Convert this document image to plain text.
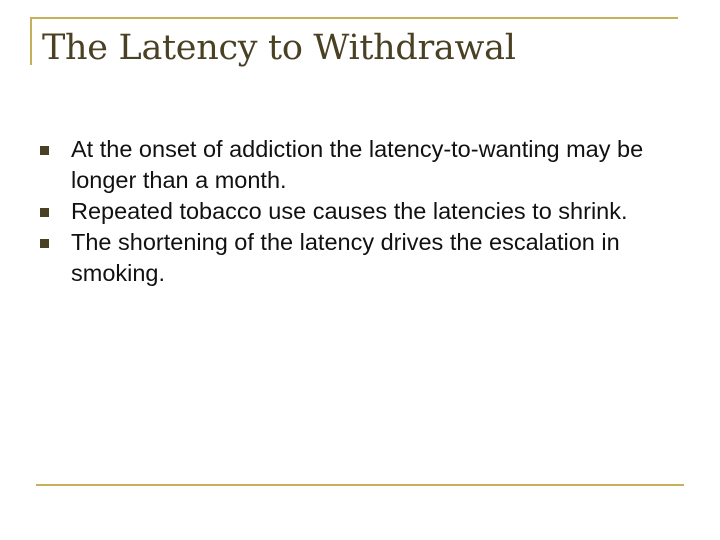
The Latency to Withdrawal
At the onset of addiction the latency-to-wanting may be longer than a month.
Repeated tobacco use causes the latencies to shrink.
The shortening of the latency drives the escalation in smoking.
